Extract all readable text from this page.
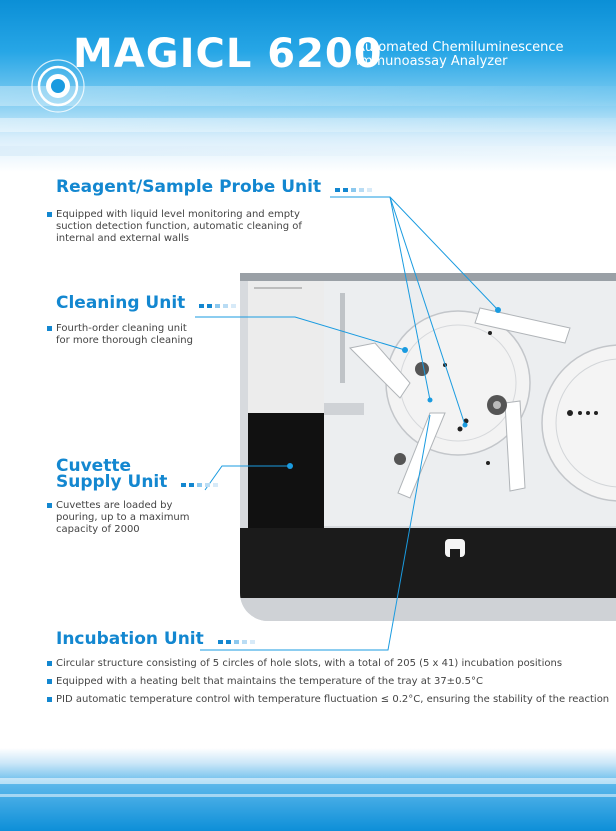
MAGICL 6200
Automated Chemiluminescence
Immunoassay Analyzer
Reagent/Sample Probe Unit
Equipped with liquid level monitoring and empty
suction detection function, automatic cleaning of
internal and external walls
Cleaning Unit
Fourth-order cleaning unit
for more thorough cleaning
Cuvette
Supply Unit
Cuvettes are loaded by
pouring, up to a maximum
capacity of 2000
Incubation Unit
Circular structure consisting of 5 circles of hole slots, with a total of 205 (5 x 41) incubation positions
Equipped with a heating belt that maintains the temperature of the tray at 37±0.5°C
PID automatic temperature control with temperature fluctuation ≤ 0.2°C, ensuring the stability of the reaction
